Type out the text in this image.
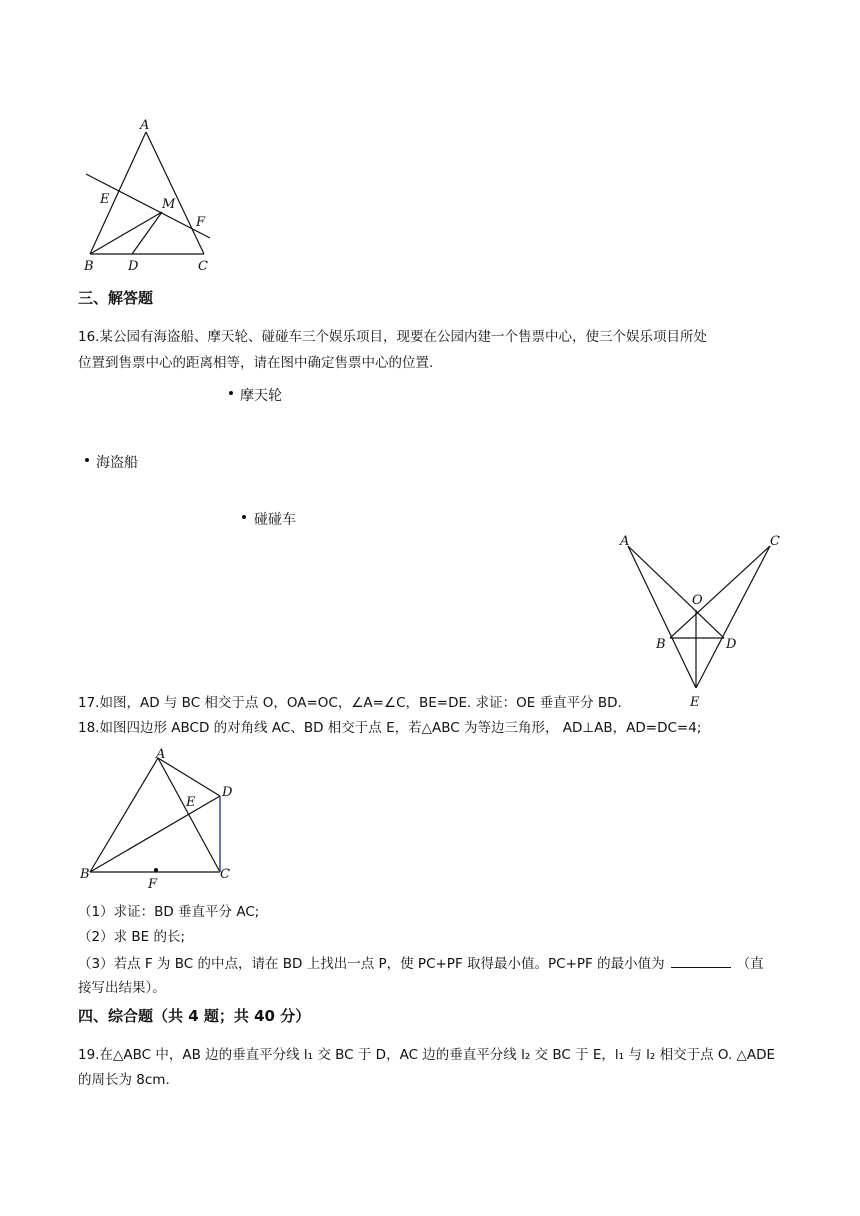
A
E	M
F
B	D	C
三、解答题
16.某公园有海盗船、摩天轮、碰碰车三个娱乐项目，现要在公园内建一个售票中心，使三个娱乐项目所处
位置到售票中心的距离相等，请在图中确定售票中心的位置.
摩天轮
海盗船
碰碰车
A	C
O
B	D
E
17.如图，AD 与 BC 相交于点 O，OA=OC，∠A=∠C，BE=DE. 求证：OE 垂直平分 BD.
18.如图四边形 ABCD 的对角线 AC、BD 相交于点 E，若△ABC 为等边三角形， AD⊥AB，AD=DC=4;
A
E
D
B
F
C
（1）求证：BD 垂直平分 AC;
（2）求 BE 的长;
（3）若点 F 为 BC 的中点，请在 BD 上找出一点 P，使 PC+PF 取得最小值。PC+PF 的最小值为	（直
接写出结果）。
四、综合题（共 4 题；共 40 分）
19.在△ABC 中，AB 边的垂直平分线 l₁ 交 BC 于 D，AC 边的垂直平分线 l₂ 交 BC 于 E，l₁ 与 l₂ 相交于点 O. △ADE
的周长为 8cm.
